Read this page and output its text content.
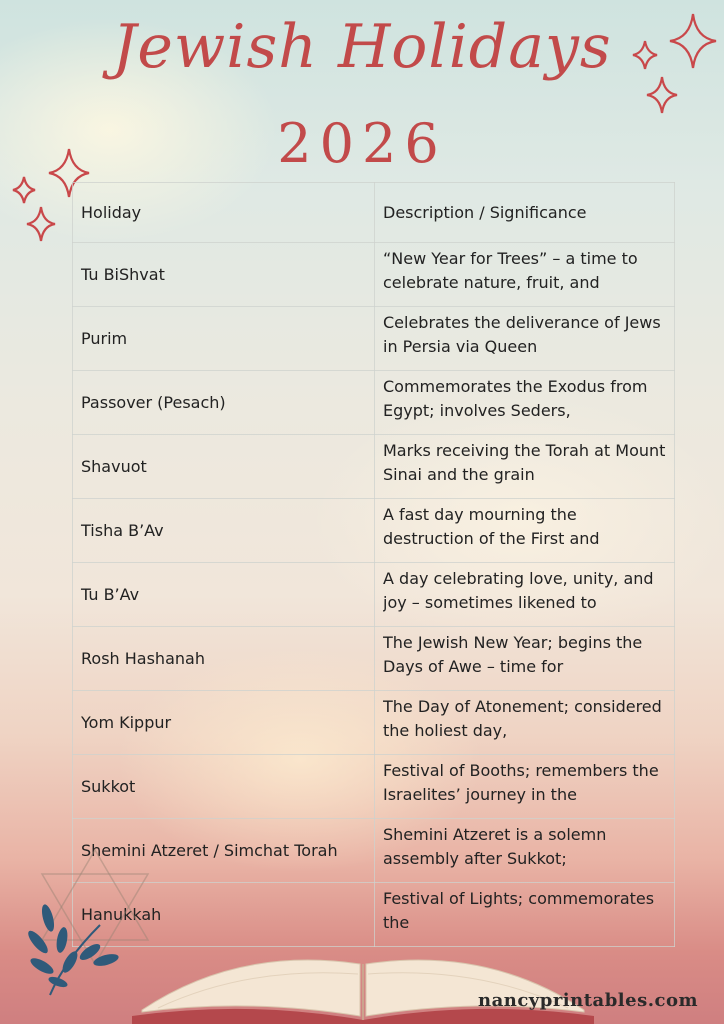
Jewish Holidays
2026
Holiday	Description / Significance
Tu BiShvat	“New Year for Trees” – a time to celebrate nature, fruit, and

Purim	Celebrates the deliverance of Jews in Persia via Queen

Passover (Pesach)	Commemorates the Exodus from Egypt; involves Seders,

Shavuot	Marks receiving the Torah at Mount Sinai and the grain

Tisha B’Av	A fast day mourning the destruction of the First and

Tu B’Av	A day celebrating love, unity, and joy – sometimes likened to

Rosh Hashanah	The Jewish New Year; begins the Days of Awe – time for

Yom Kippur	The Day of Atonement; considered the holiest day,

Sukkot	Festival of Booths; remembers the Israelites’ journey in the

Shemini Atzeret / Simchat Torah	Shemini Atzeret is a solemn assembly after Sukkot;

Hanukkah	Festival of Lights; commemorates the
nancyprintables.com
